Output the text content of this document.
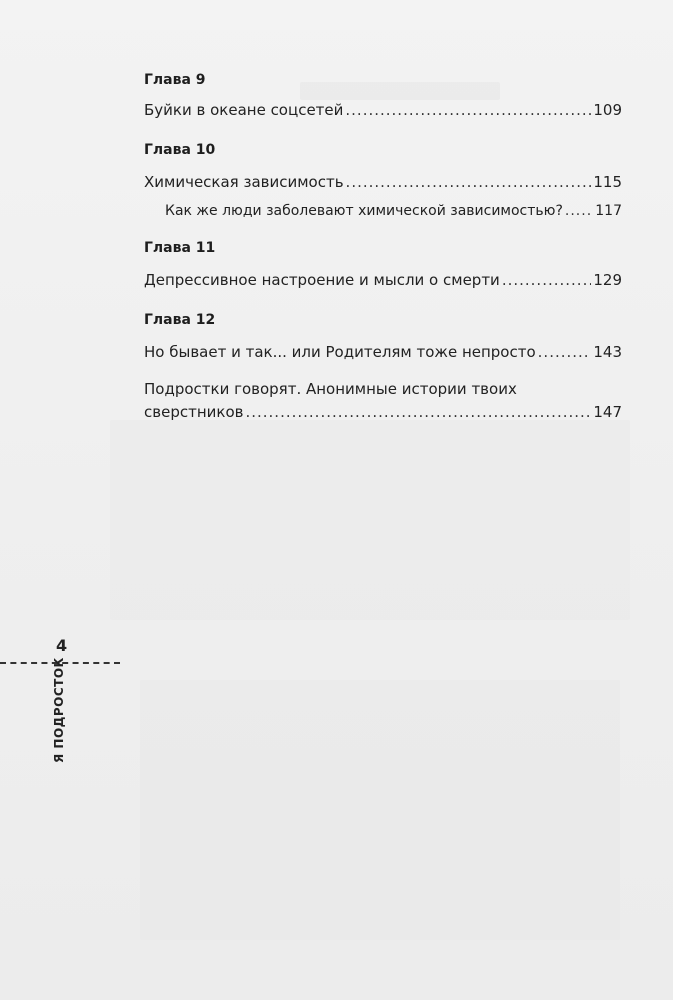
Глава 9
Буйки в океане соцсетей .....	109
Глава 10
Химическая зависимость .....	115
Как же люди заболевают химической зависимостью? ..... 117
Глава 11
Депрессивное настроение и мысли о смерти .....	129
Глава 12
Но бывает и так... или Родителям тоже непросто .....	143
Подростки говорят. Анонимные истории твоих
сверстников .....	147
4
Я ПОДРОСТОК
